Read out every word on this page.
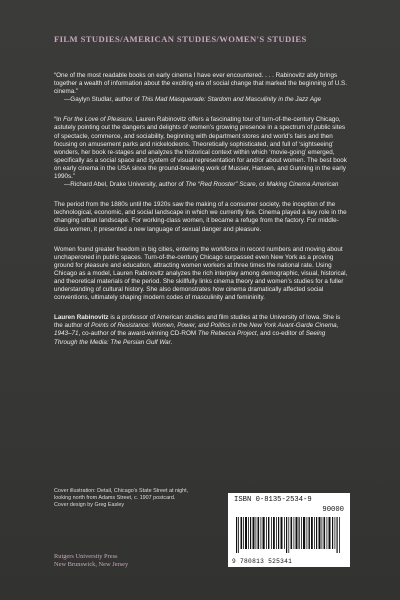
FILM STUDIES/AMERICAN STUDIES/WOMEN'S STUDIES

“One of the most readable books on early cinema I have ever encountered. . . . Rabinovitz ably brings together a wealth of information about the exciting era of social change that marked the beginning of U.S. cinema.”
—Gaylyn Studlar, author of This Mad Masquerade: Stardom and Masculinity in the Jazz Age

“In For the Love of Pleasure, Lauren Rabinovitz offers a fascinating tour of turn-of-the-century Chicago, astutely pointing out the dangers and delights of women’s growing presence in a spectrum of public sites of spectacle, commerce, and sociability, beginning with department stores and world’s fairs and then focusing on amusement parks and nickelodeons. Theoretically sophisticated, and full of ‘sightseeing’ wonders, her book re-stages and analyzes the historical context within which ‘movie-going’ emerged, specifically as a social space and system of visual representation for and/or about women. The best book on early cinema in the USA since the ground-breaking work of Musser, Hansen, and Gunning in the early 1990s.”
—Richard Abel, Drake University, author of The “Red Rooster” Scare, or Making Cinema American

The period from the 1880s until the 1920s saw the making of a consumer society, the inception of the technological, economic, and social landscape in which we currently live. Cinema played a key role in the changing urban landscape. For working-class women, it became a refuge from the factory. For middle-class women, it presented a new language of sexual danger and pleasure.

Women found greater freedom in big cities, entering the workforce in record numbers and moving about unchaperoned in public spaces. Turn-of-the-century Chicago surpassed even New York as a proving ground for pleasure and education, attracting women workers at three times the national rate. Using Chicago as a model, Lauren Rabinovitz analyzes the rich interplay among demographic, visual, historical, and theoretical materials of the period. She skillfully links cinema theory and women’s studies for a fuller understanding of cultural history. She also demonstrates how cinema dramatically affected social conventions, ultimately shaping modern codes of masculinity and femininity.

Lauren Rabinovitz is a professor of American studies and film studies at the University of Iowa. She is the author of Points of Resistance: Women, Power, and Politics in the New York Avant-Garde Cinema, 1943–71, co-author of the award-winning CD-ROM The Rebecca Project, and co-editor of Seeing Through the Media: The Persian Gulf War.

Cover illustration: Detail, Chicago’s State Street at night,
looking north from Adams Street, c. 1907 postcard.
Cover design by Greg Easley
Rutgers University Press
New Brunswick, New Jersey
ISBN 0-8135-2534-9
90000
9 780813 525341
